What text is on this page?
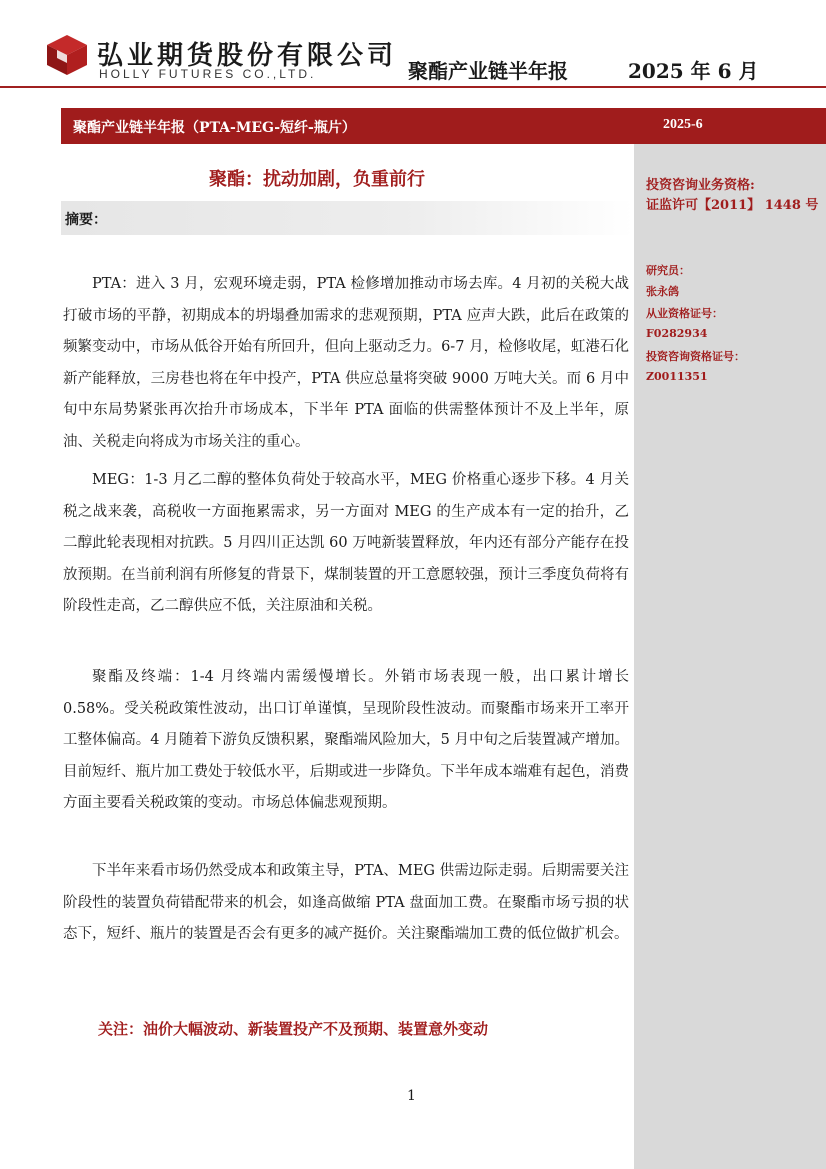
弘业期货股份有限公司
HOLLY FUTURES CO.,LTD.	聚酯产业链半年报	2025 年 6 月
聚酯产业链半年报（PTA-MEG-短纤-瓶片）	2025-6
投资咨询业务资格:
证监许可【2011】 1448 号
研究员：
张永鸽
从业资格证号：
F0282934
投资咨询资格证号：
Z0011351
聚酯：扰动加剧，负重前行
摘要：

PTA：进入 3 月，宏观环境走弱，PTA 检修增加推动市场去库。4 月初的关税大战打破市场的平静，初期成本的坍塌叠加需求的悲观预期，PTA 应声大跌，此后在政策的频繁变动中，市场从低谷开始有所回升，但向上驱动乏力。6-7 月，检修收尾，虹港石化新产能释放，三房巷也将在年中投产，PTA 供应总量将突破 9000 万吨大关。而 6 月中旬中东局势紧张再次抬升市场成本，下半年 PTA 面临的供需整体预计不及上半年，原油、关税走向将成为市场关注的重心。

MEG：1-3 月乙二醇的整体负荷处于较高水平，MEG 价格重心逐步下移。4 月关税之战来袭，高税收一方面拖累需求，另一方面对 MEG 的生产成本有一定的抬升，乙二醇此轮表现相对抗跌。5 月四川正达凯 60 万吨新装置释放，年内还有部分产能存在投放预期。在当前利润有所修复的背景下，煤制装置的开工意愿较强，预计三季度负荷将有阶段性走高，乙二醇供应不低，关注原油和关税。

聚酯及终端：1-4 月终端内需缓慢增长。外销市场表现一般，出口累计增长 0.58%。受关税政策性波动，出口订单谨慎，呈现阶段性波动。而聚酯市场来开工率开工整体偏高。4 月随着下游负反馈积累，聚酯端风险加大，5 月中旬之后装置减产增加。目前短纤、瓶片加工费处于较低水平，后期或进一步降负。下半年成本端难有起色，消费方面主要看关税政策的变动。市场总体偏悲观预期。

下半年来看市场仍然受成本和政策主导，PTA、MEG 供需边际走弱。后期需要关注阶段性的装置负荷错配带来的机会，如逢高做缩 PTA 盘面加工费。在聚酯市场亏损的状态下，短纤、瓶片的装置是否会有更多的减产挺价。关注聚酯端加工费的低位做扩机会。

关注：油价大幅波动、新装置投产不及预期、装置意外变动
1
